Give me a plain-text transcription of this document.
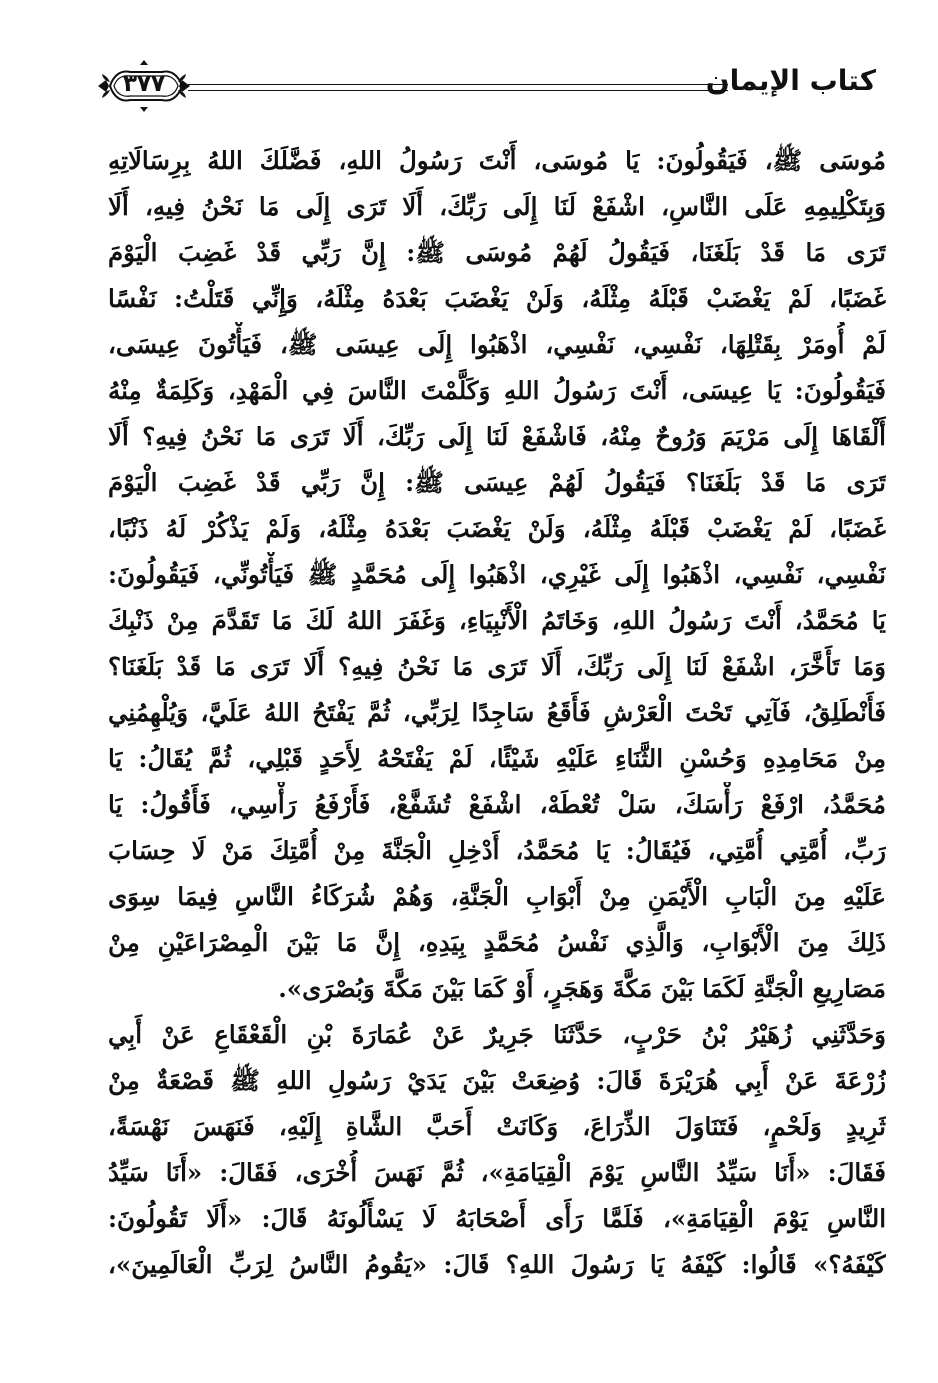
٣٧٧	كتاب الإيمان
مُوسَى ﷺ، فَيَقُولُونَ: يَا مُوسَى، أَنْتَ رَسُولُ اللهِ، فَضَّلَكَ اللهُ بِرِسَالَاتِهِ
وَبِتَكْلِيمِهِ عَلَى النَّاسِ، اشْفَعْ لَنَا إِلَى رَبِّكَ، أَلَا تَرَى إِلَى مَا نَحْنُ فِيهِ، أَلَا
تَرَى مَا قَدْ بَلَغَنَا، فَيَقُولُ لَهُمْ مُوسَى ﷺ: إِنَّ رَبِّي قَدْ غَضِبَ الْيَوْمَ
غَضَبًا، لَمْ يَغْضَبْ قَبْلَهُ مِثْلَهُ، وَلَنْ يَغْضَبَ بَعْدَهُ مِثْلَهُ، وَإِنِّي قَتَلْتُ: نَفْسًا
لَمْ أُومَرْ بِقَتْلِهَا، نَفْسِي، نَفْسِي، اذْهَبُوا إِلَى عِيسَى ﷺ، فَيَأْتُونَ عِيسَى،
فَيَقُولُونَ: يَا عِيسَى، أَنْتَ رَسُولُ اللهِ وَكَلَّمْتَ النَّاسَ فِي الْمَهْدِ، وَكَلِمَةٌ مِنْهُ
أَلْقَاهَا إِلَى مَرْيَمَ وَرُوحٌ مِنْهُ، فَاشْفَعْ لَنَا إِلَى رَبِّكَ، أَلَا تَرَى مَا نَحْنُ فِيهِ؟ أَلَا
تَرَى مَا قَدْ بَلَغَنَا؟ فَيَقُولُ لَهُمْ عِيسَى ﷺ: إِنَّ رَبِّي قَدْ غَضِبَ الْيَوْمَ
غَضَبًا، لَمْ يَغْضَبْ قَبْلَهُ مِثْلَهُ، وَلَنْ يَغْضَبَ بَعْدَهُ مِثْلَهُ، وَلَمْ يَذْكُرْ لَهُ ذَنْبًا،
نَفْسِي، نَفْسِي، اذْهَبُوا إِلَى غَيْرِي، اذْهَبُوا إِلَى مُحَمَّدٍ ﷺ فَيَأْتُونِّي، فَيَقُولُونَ:
يَا مُحَمَّدُ، أَنْتَ رَسُولُ اللهِ، وَخَاتَمُ الْأَنْبِيَاءِ، وَغَفَرَ اللهُ لَكَ مَا تَقَدَّمَ مِنْ ذَنْبِكَ
وَمَا تَأَخَّرَ، اشْفَعْ لَنَا إِلَى رَبِّكَ، أَلَا تَرَى مَا نَحْنُ فِيهِ؟ أَلَا تَرَى مَا قَدْ بَلَغَنَا؟
فَأَنْطَلِقُ، فَآتِي تَحْتَ الْعَرْشِ فَأَقَعُ سَاجِدًا لِرَبِّي، ثُمَّ يَفْتَحُ اللهُ عَلَيَّ، وَيُلْهِمُنِي
مِنْ مَحَامِدِهِ وَحُسْنِ الثَّنَاءِ عَلَيْهِ شَيْئًا، لَمْ يَفْتَحْهُ لِأَحَدٍ قَبْلِي، ثُمَّ يُقَالُ: يَا
مُحَمَّدُ، ارْفَعْ رَأْسَكَ، سَلْ تُعْطَهْ، اشْفَعْ تُشَفَّعْ، فَأَرْفَعُ رَأْسِي، فَأَقُولُ: يَا
رَبِّ، أُمَّتِي أُمَّتِي، فَيُقَالُ: يَا مُحَمَّدُ، أَدْخِلِ الْجَنَّةَ مِنْ أُمَّتِكَ مَنْ لَا حِسَابَ
عَلَيْهِ مِنَ الْبَابِ الْأَيْمَنِ مِنْ أَبْوَابِ الْجَنَّةِ، وَهُمْ شُرَكَاءُ النَّاسِ فِيمَا سِوَى
ذَلِكَ مِنَ الْأَبْوَابِ، وَالَّذِي نَفْسُ مُحَمَّدٍ بِيَدِهِ، إِنَّ مَا بَيْنَ الْمِصْرَاعَيْنِ مِنْ
مَصَارِيعِ الْجَنَّةِ لَكَمَا بَيْنَ مَكَّةَ وَهَجَرٍ، أَوْ كَمَا بَيْنَ مَكَّةَ وَبُصْرَى».
وَحَدَّثَنِي زُهَيْرُ بْنُ حَرْبٍ، حَدَّثَنَا جَرِيرٌ عَنْ عُمَارَةَ بْنِ الْقَعْقَاعِ عَنْ أَبِي
زُرْعَةَ عَنْ أَبِي هُرَيْرَةَ قَالَ: وُضِعَتْ بَيْنَ يَدَيْ رَسُولِ اللهِ ﷺ قَصْعَةٌ مِنْ
ثَرِيدٍ وَلَحْمٍ، فَتَنَاوَلَ الذِّرَاعَ، وَكَانَتْ أَحَبَّ الشَّاةِ إِلَيْهِ، فَنَهَسَ نَهْسَةً،
فَقَالَ: «أَنَا سَيِّدُ النَّاسِ يَوْمَ الْقِيَامَةِ»، ثُمَّ نَهَسَ أُخْرَى، فَقَالَ: «أَنَا سَيِّدُ
النَّاسِ يَوْمَ الْقِيَامَةِ»، فَلَمَّا رَأَى أَصْحَابَهُ لَا يَسْأَلُونَهُ قَالَ: «أَلَا تَقُولُونَ:
كَيْفَهُ؟» قَالُوا: كَيْفَهُ يَا رَسُولَ اللهِ؟ قَالَ: «يَقُومُ النَّاسُ لِرَبِّ الْعَالَمِينَ»،
